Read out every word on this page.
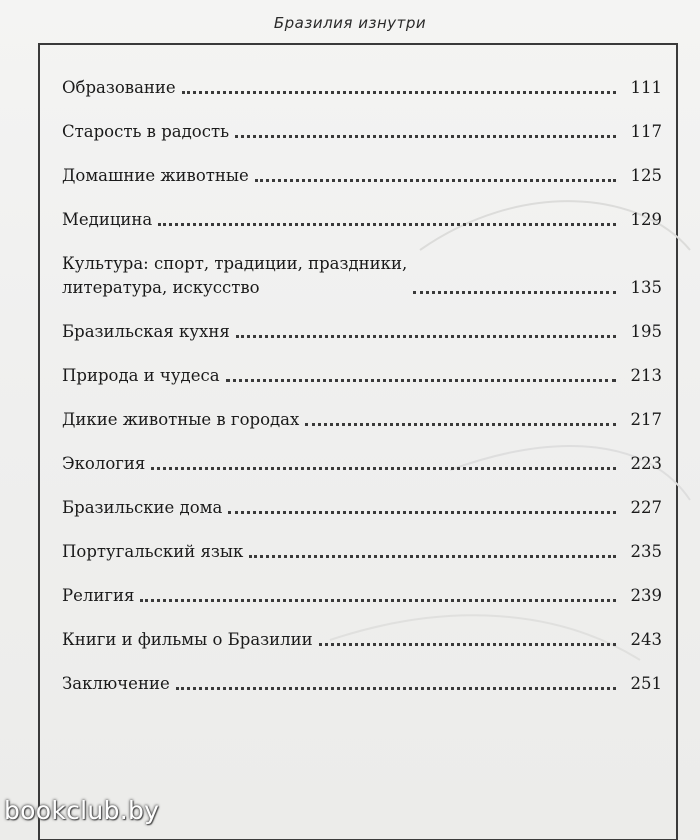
Бразилия изнутри
Образование	111
Старость в радость	117
Домашние животные	125
Медицина	129
Культура: спорт, традиции, праздники,
литература, искусство	135
Бразильская кухня	195
Природа и чудеса	213
Дикие животные в городах	217
Экология	223
Бразильские дома	227
Португальский язык	235
Религия	239
Книги и фильмы о Бразилии	243
Заключение	251
bookclub.by
